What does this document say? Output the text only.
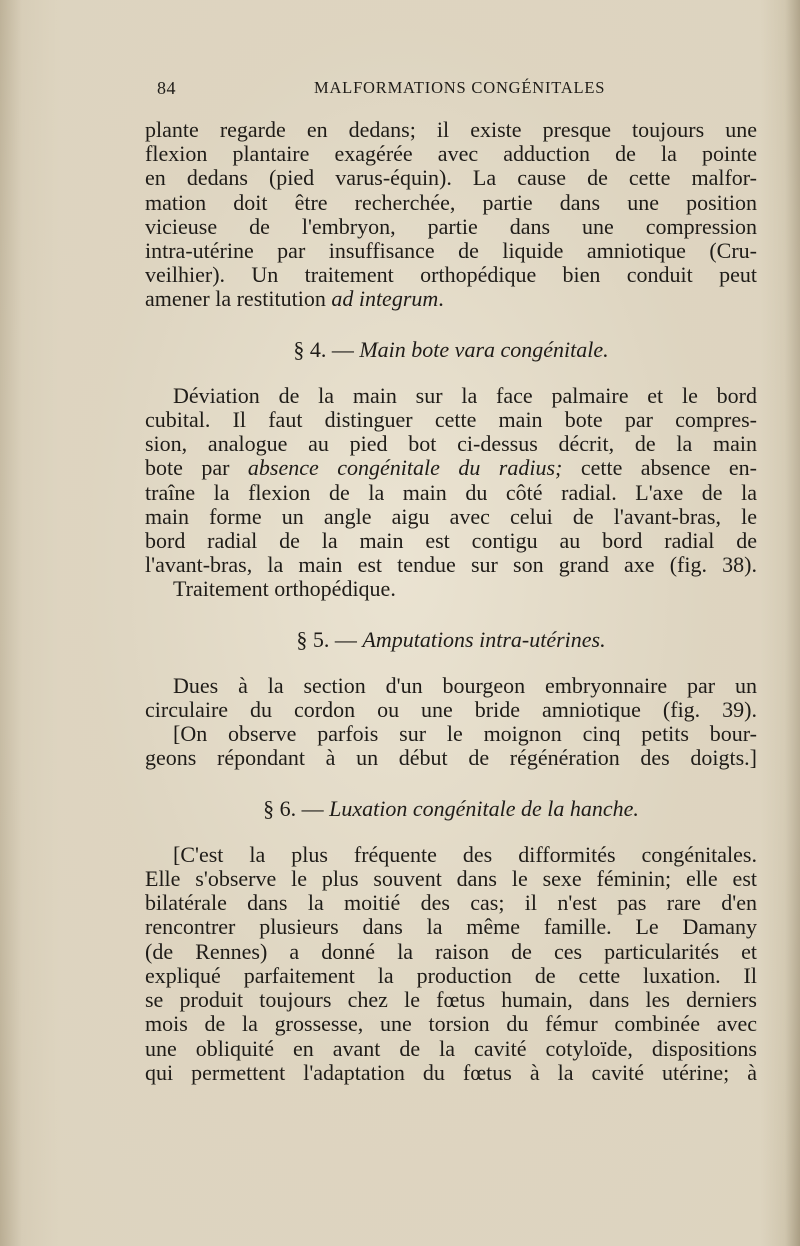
84	MALFORMATIONS CONGÉNITALES
plante regarde en dedans; il existe presque toujours une
flexion plantaire exagérée avec adduction de la pointe
en dedans (pied varus-équin). La cause de cette malfor-
mation doit être recherchée, partie dans une position
vicieuse de l'embryon, partie dans une compression
intra-utérine par insuffisance de liquide amniotique (Cru-
veilhier). Un traitement orthopédique bien conduit peut
amener la restitution ad integrum.
§ 4. — Main bote vara congénitale.
Déviation de la main sur la face palmaire et le bord
cubital. Il faut distinguer cette main bote par compres-
sion, analogue au pied bot ci-dessus décrit, de la main
bote par absence congénitale du radius; cette absence en-
traîne la flexion de la main du côté radial. L'axe de la
main forme un angle aigu avec celui de l'avant-bras, le
bord radial de la main est contigu au bord radial de
l'avant-bras, la main est tendue sur son grand axe (fig. 38).
Traitement orthopédique.
§ 5. — Amputations intra-utérines.
Dues à la section d'un bourgeon embryonnaire par un
circulaire du cordon ou une bride amniotique (fig. 39).
[On observe parfois sur le moignon cinq petits bour-
geons répondant à un début de régénération des doigts.]
§ 6. — Luxation congénitale de la hanche.
[C'est la plus fréquente des difformités congénitales.
Elle s'observe le plus souvent dans le sexe féminin; elle est
bilatérale dans la moitié des cas; il n'est pas rare d'en
rencontrer plusieurs dans la même famille. Le Damany
(de Rennes) a donné la raison de ces particularités et
expliqué parfaitement la production de cette luxation. Il
se produit toujours chez le fœtus humain, dans les derniers
mois de la grossesse, une torsion du fémur combinée avec
une obliquité en avant de la cavité cotyloïde, dispositions
qui permettent l'adaptation du fœtus à la cavité utérine; à
